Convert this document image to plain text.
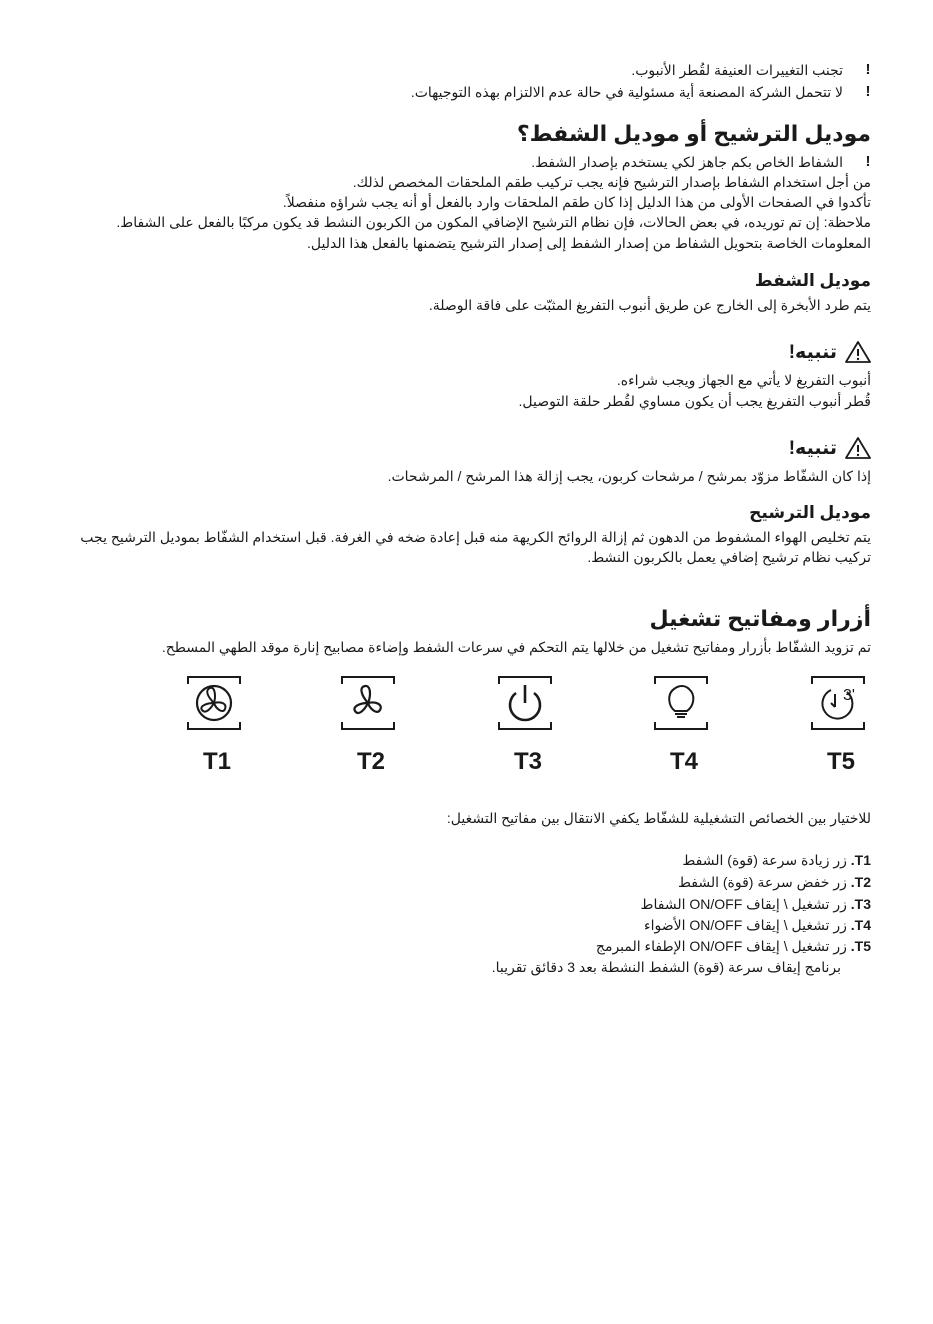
!
تجنب التغييرات العنيفة لقُطر الأنبوب.
!
لا تتحمل الشركة المصنعة أية مسئولية في حالة عدم الالتزام بهذه التوجيهات.
موديل الترشيح أو موديل الشفط؟
!
الشفاط الخاص بكم جاهز لكي يستخدم بإصدار الشفط.
من أجل استخدام الشفاط بإصدار الترشيح فإنه يجب تركيب طقم الملحقات المخصص لذلك.
تأكدوا في الصفحات الأولى من هذا الدليل إذا كان طقم الملحقات وارد بالفعل أو أنه يجب شراؤه منفصلاً.
ملاحظة: إن تم توريده، في بعض الحالات، فإن نظام الترشيح الإضافي المكون من الكربون النشط قد يكون مركبًا بالفعل على الشفاط.
المعلومات الخاصة بتحويل الشفاط من إصدار الشفط إلى إصدار الترشيح يتضمنها بالفعل هذا الدليل.
موديل الشفط
يتم طرد الأبخرة إلى الخارج عن طريق أنبوب التفريغ المثبّت على فاقة الوصلة.
تنبيه!
أنبوب التفريغ لا يأتي مع الجهاز ويجب شراءه.
قُطر أنبوب التفريغ يجب أن يكون مساوي لقُطر حلقة التوصيل.
تنبيه!
إذا كان الشفّاط مزوّد بمرشح / مرشحات كربون، يجب إزالة هذا المرشح / المرشحات.
موديل الترشيح
يتم تخليص الهواء المشفوط من الدهون ثم إزالة الروائح الكريهة منه قبل إعادة ضخه في الغرفة. قبل استخدام الشفّاط بموديل الترشيح يجب
تركيب نظام ترشيح إضافي يعمل بالكربون النشط.
أزرار ومفاتيح تشغيل
تم تزويد الشفّاط بأزرار ومفاتيح تشغيل من خلالها يتم التحكم في سرعات الشفط وإضاءة مصابيح إنارة موقد الطهي المسطح.
T1	T2	T3	T4
3'
T5
للاختيار بين الخصائص التشغيلية للشفّاط يكفي الانتقال بين مفاتيح التشغيل:
T1. زر زيادة سرعة (قوة) الشفط
T2. زر خفض سرعة (قوة) الشفط
T3. زر تشغيل \ إيقاف ON/OFF الشفاط
T4. زر تشغيل \ إيقاف ON/OFF الأضواء
T5. زر تشغيل \ إيقاف ON/OFF الإطفاء المبرمج
برنامج إيقاف سرعة (قوة) الشفط النشطة بعد 3 دقائق تقريبا.
